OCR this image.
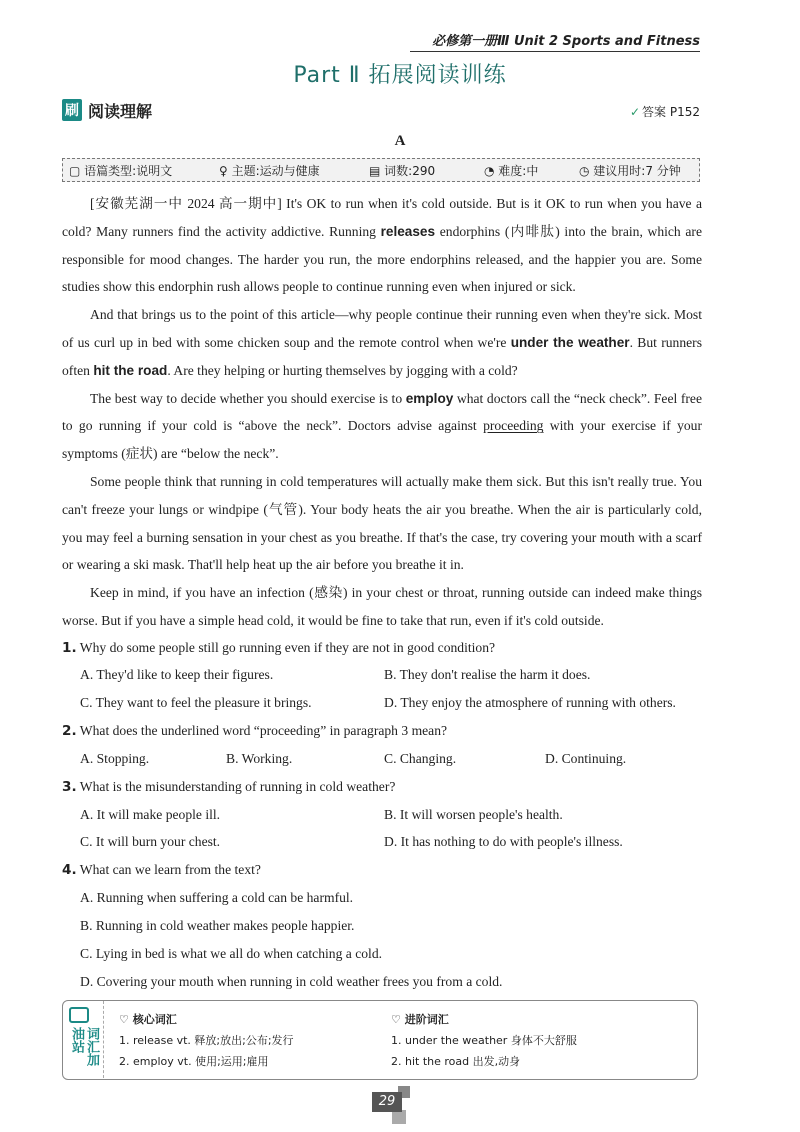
必修第一册Ⅲ Unit 2 Sports and Fitness
Part Ⅱ 拓展阅读训练
刷 阅读理解	✓ 答案 P152
A
▢ 语篇类型:说明文	♀ 主题:运动与健康	▤ 词数:290	◔ 难度:中	◷ 建议用时:7 分钟

[安徽芜湖一中 2024 高一期中] It's OK to run when it's cold outside. But is it OK to run when you have a cold? Many runners find the activity addictive. Running releases endorphins (内啡肽) into the brain, which are responsible for mood changes. The harder you run, the more endorphins released, and the happier you are. Some studies show this endorphin rush allows people to continue running even when injured or sick.

And that brings us to the point of this article—why people continue their running even when they're sick. Most of us curl up in bed with some chicken soup and the remote control when we're under the weather. But runners often hit the road. Are they helping or hurting themselves by jogging with a cold?

The best way to decide whether you should exercise is to employ what doctors call the “neck check”. Feel free to go running if your cold is “above the neck”. Doctors advise against proceeding with your exercise if your symptoms (症状) are “below the neck”.

Some people think that running in cold temperatures will actually make them sick. But this isn't really true. You can't freeze your lungs or windpipe (气管). Your body heats the air you breathe. When the air is particularly cold, you may feel a burning sensation in your chest as you breathe. If that's the case, try covering your mouth with a scarf or wearing a ski mask. That'll help heat up the air before you breathe it in.

Keep in mind, if you have an infection (感染) in your chest or throat, running outside can indeed make things worse. But if you have a simple head cold, it would be fine to take that run, even if it's cold outside.

1. Why do some people still go running even if they are not in good condition?
A. They'd like to keep their figures.	B. They don't realise the harm it does.
C. They want to feel the pleasure it brings.	D. They enjoy the atmosphere of running with others.
2. What does the underlined word “proceeding” in paragraph 3 mean?
A. Stopping.	B. Working.	C. Changing.	D. Continuing.
3. What is the misunderstanding of running in cold weather?
A. It will make people ill.	B. It will worsen people's health.
C. It will burn your chest.	D. It has nothing to do with people's illness.
4. What can we learn from the text?
A. Running when suffering a cold can be harmful.
B. Running in cold weather makes people happier.
C. Lying in bed is what we all do when catching a cold.
D. Covering your mouth when running in cold weather frees you from a cold.
词汇加油站
♡ 核心词汇
1. release vt. 释放;放出;公布;发行
2. employ vt. 使用;运用;雇用
♡ 进阶词汇
1. under the weather 身体不大舒服
2. hit the road 出发,动身
29
